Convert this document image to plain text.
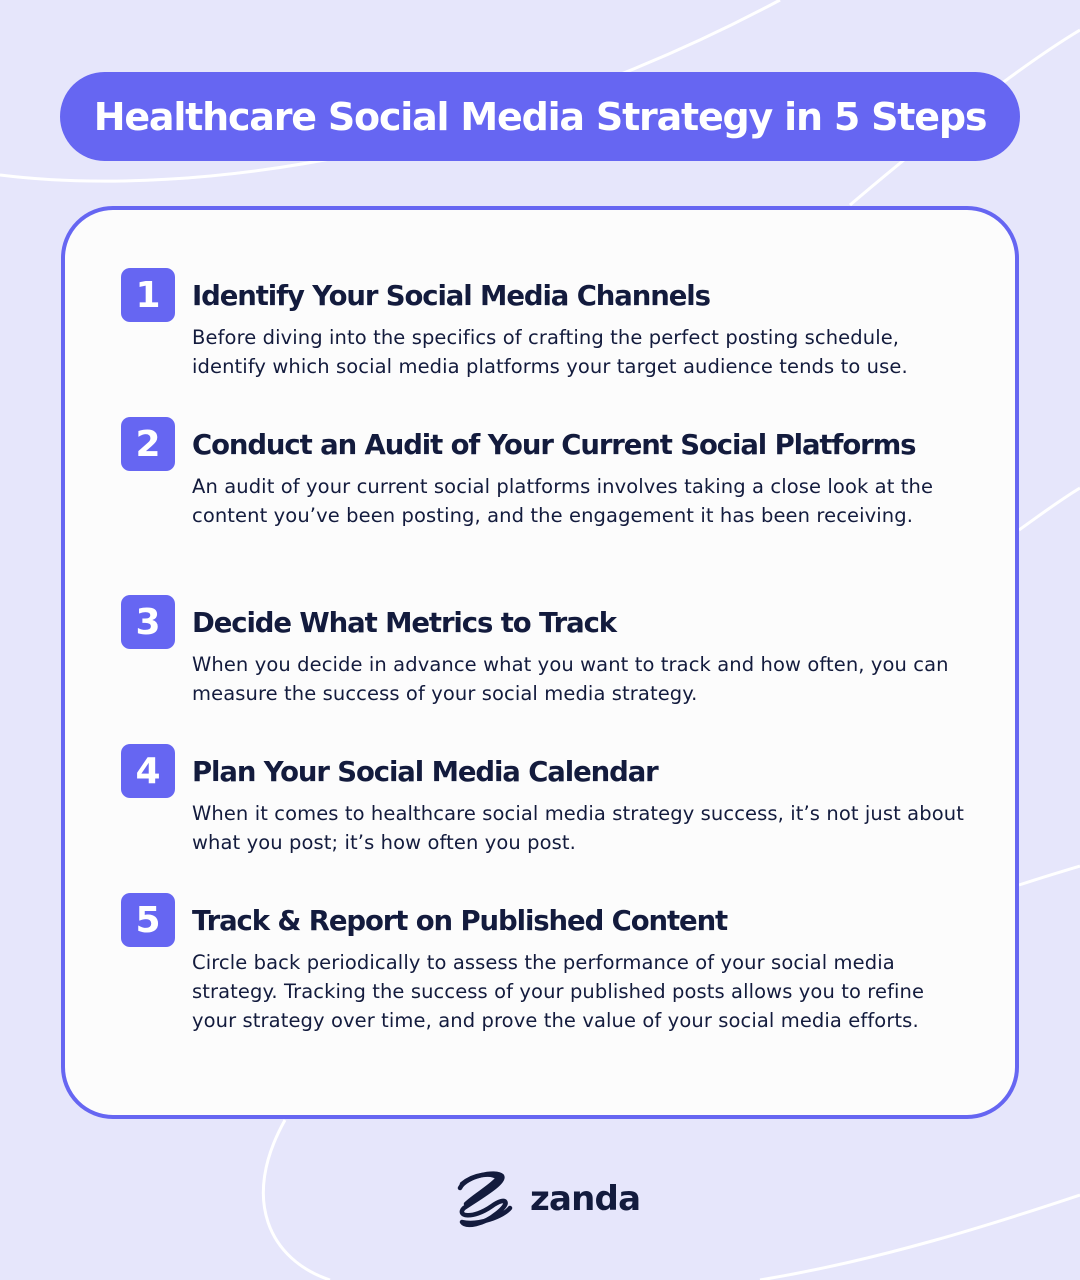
Healthcare Social Media Strategy in 5 Steps
1	Identify Your Social Media Channels
Before diving into the specifics of crafting the perfect posting schedule, identify which social media platforms your target audience tends to use.
2	Conduct an Audit of Your Current Social Platforms
An audit of your current social platforms involves taking a close look at the content you’ve been posting, and the engagement it has been receiving.
3	Decide What Metrics to Track
When you decide in advance what you want to track and how often, you can measure the success of your social media strategy.
4	Plan Your Social Media Calendar
When it comes to healthcare social media strategy success, it’s not just about what you post; it’s how often you post.
5	Track & Report on Published Content
Circle back periodically to assess the performance of your social media strategy. Tracking the success of your published posts allows you to refine your strategy over time, and prove the value of your social media efforts.
zanda
